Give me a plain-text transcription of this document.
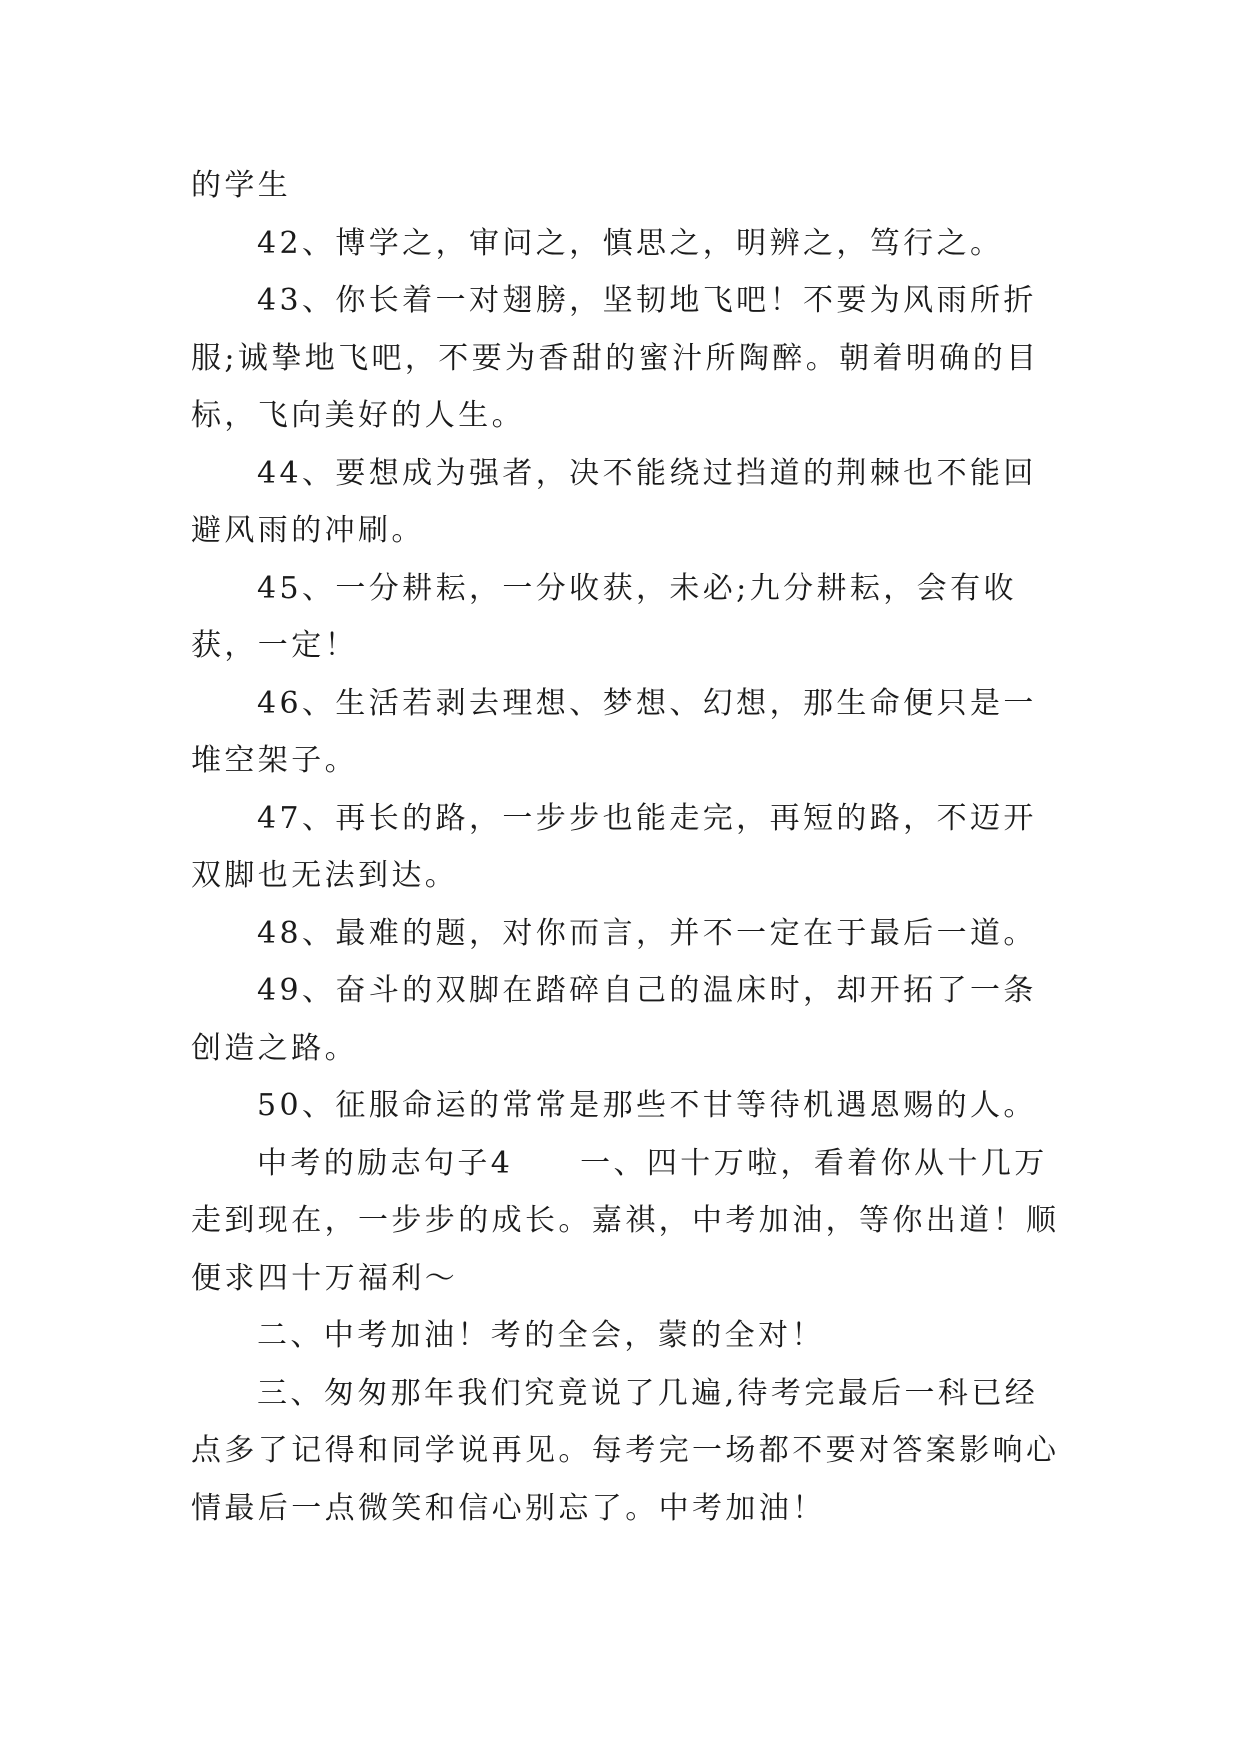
的学生

42、博学之，审问之，慎思之，明辨之，笃行之。

43、你长着一对翅膀，坚韧地飞吧！不要为风雨所折服;诚挚地飞吧，不要为香甜的蜜汁所陶醉。朝着明确的目标，飞向美好的人生。

44、要想成为强者，决不能绕过挡道的荆棘也不能回避风雨的冲刷。

45、一分耕耘，一分收获，未必;九分耕耘，会有收获，一定！

46、生活若剥去理想、梦想、幻想，那生命便只是一堆空架子。

47、再长的路，一步步也能走完，再短的路，不迈开双脚也无法到达。

48、最难的题，对你而言，并不一定在于最后一道。

49、奋斗的双脚在踏碎自己的温床时，却开拓了一条创造之路。

50、征服命运的常常是那些不甘等待机遇恩赐的人。

中考的励志句子4　　一、四十万啦，看着你从十几万走到现在，一步步的成长。嘉祺，中考加油，等你出道！顺便求四十万福利～

二、中考加油！考的全会，蒙的全对！

三、匆匆那年我们究竟说了几遍,待考完最后一科已经点多了记得和同学说再见。每考完一场都不要对答案影响心情最后一点微笑和信心别忘了。中考加油！
